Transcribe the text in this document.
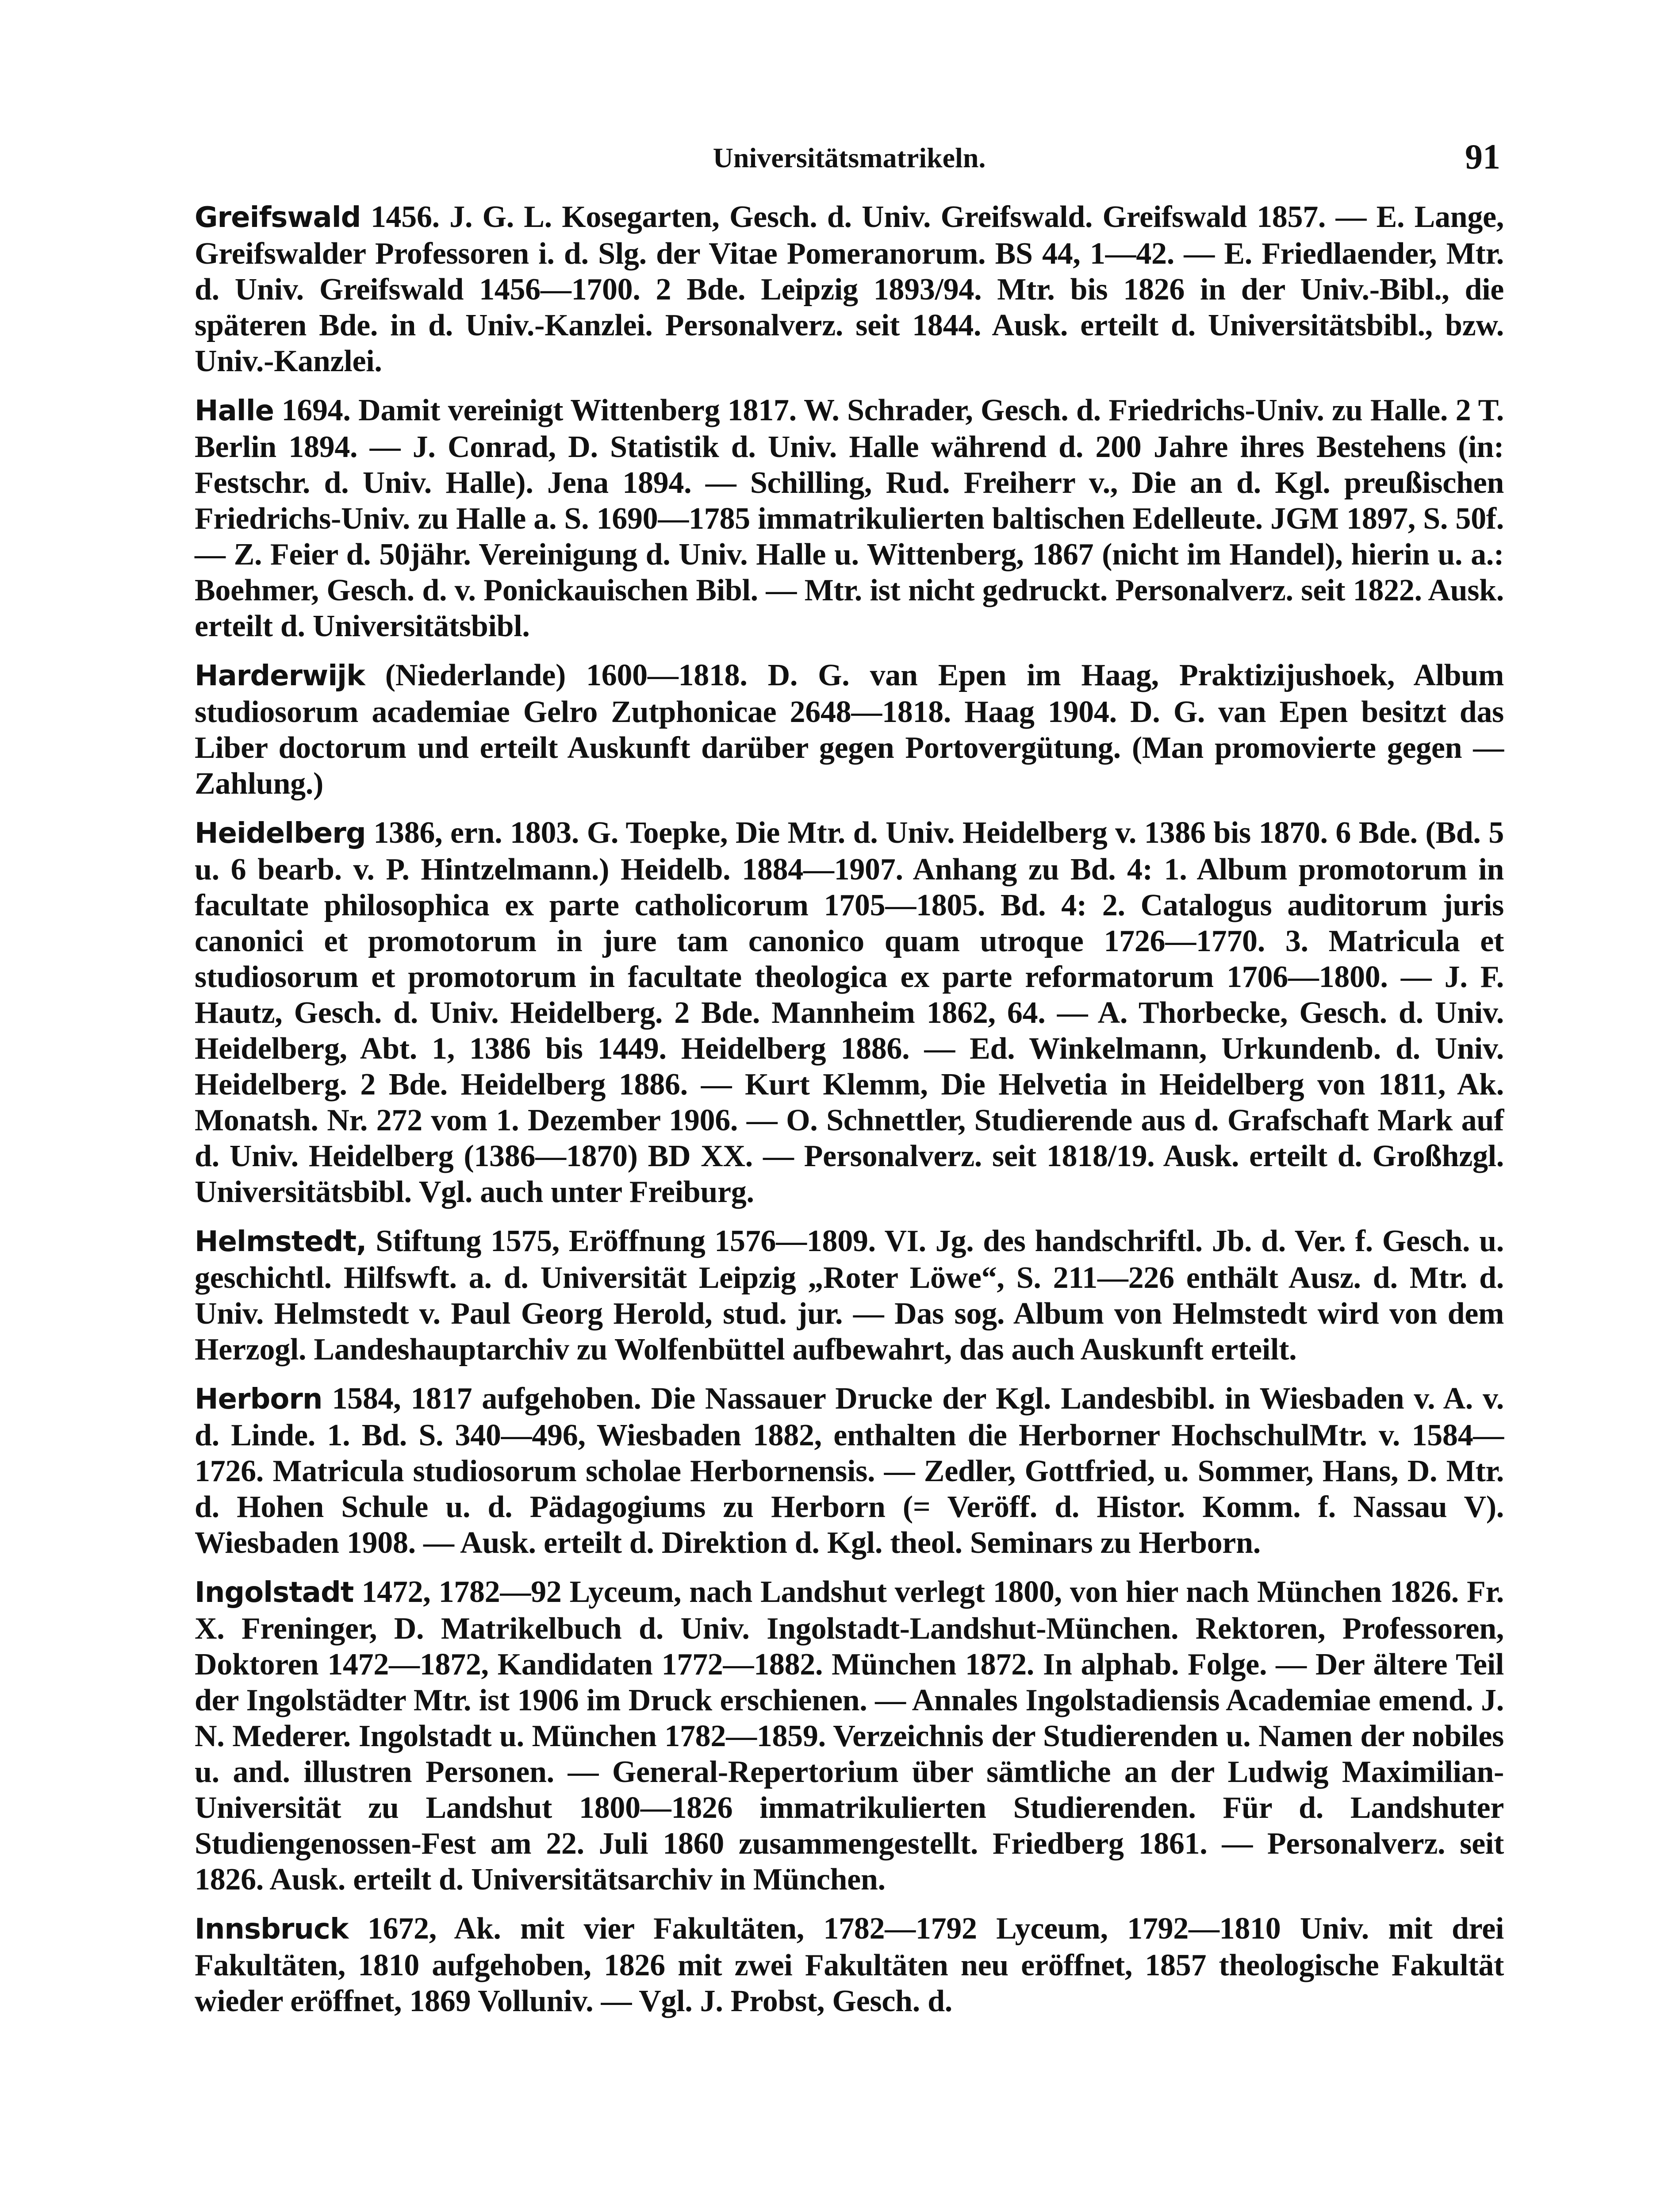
Universitätsmatrikeln.	91

Greifswald 1456. J. G. L. Kosegarten, Gesch. d. Univ. Greifswald. Greifswald 1857. — E. Lange, Greifswalder Professoren i. d. Slg. der Vitae Pomeranorum. BS 44, 1—42. — E. Friedlaender, Mtr. d. Univ. Greifswald 1456—1700. 2 Bde. Leipzig 1893/94. Mtr. bis 1826 in der Univ.-Bibl., die späteren Bde. in d. Univ.-Kanzlei. Personalverz. seit 1844. Ausk. erteilt d. Universitätsbibl., bzw. Univ.-Kanzlei.

Halle 1694. Damit vereinigt Wittenberg 1817. W. Schrader, Gesch. d. Friedrichs-Univ. zu Halle. 2 T. Berlin 1894. — J. Conrad, D. Statistik d. Univ. Halle während d. 200 Jahre ihres Bestehens (in: Festschr. d. Univ. Halle). Jena 1894. — Schilling, Rud. Freiherr v., Die an d. Kgl. preußischen Friedrichs-Univ. zu Halle a. S. 1690—1785 immatrikulierten baltischen Edelleute. JGM 1897, S. 50f. — Z. Feier d. 50jähr. Vereinigung d. Univ. Halle u. Wittenberg, 1867 (nicht im Handel), hierin u. a.: Boehmer, Gesch. d. v. Ponickauischen Bibl. — Mtr. ist nicht gedruckt. Personalverz. seit 1822. Ausk. erteilt d. Universitätsbibl.

Harderwijk (Niederlande) 1600—1818. D. G. van Epen im Haag, Praktizijushoek, Album studiosorum academiae Gelro Zutphonicae 2648—1818. Haag 1904. D. G. van Epen besitzt das Liber doctorum und erteilt Auskunft darüber gegen Portovergütung. (Man promovierte gegen — Zahlung.)

Heidelberg 1386, ern. 1803. G. Toepke, Die Mtr. d. Univ. Heidelberg v. 1386 bis 1870. 6 Bde. (Bd. 5 u. 6 bearb. v. P. Hintzelmann.) Heidelb. 1884—1907. Anhang zu Bd. 4: 1. Album promotorum in facultate philosophica ex parte catholicorum 1705—1805. Bd. 4: 2. Catalogus auditorum juris canonici et promotorum in jure tam canonico quam utroque 1726—1770. 3. Matricula et studiosorum et promotorum in facultate theologica ex parte reformatorum 1706—1800. — J. F. Hautz, Gesch. d. Univ. Heidelberg. 2 Bde. Mannheim 1862, 64. — A. Thorbecke, Gesch. d. Univ. Heidelberg, Abt. 1, 1386 bis 1449. Heidelberg 1886. — Ed. Winkelmann, Urkundenb. d. Univ. Heidelberg. 2 Bde. Heidelberg 1886. — Kurt Klemm, Die Helvetia in Heidelberg von 1811, Ak. Monatsh. Nr. 272 vom 1. Dezember 1906. — O. Schnettler, Studierende aus d. Grafschaft Mark auf d. Univ. Heidelberg (1386—1870) BD XX. — Personalverz. seit 1818/19. Ausk. erteilt d. Großhzgl. Universitätsbibl. Vgl. auch unter Freiburg.

Helmstedt, Stiftung 1575, Eröffnung 1576—1809. VI. Jg. des handschriftl. Jb. d. Ver. f. Gesch. u. geschichtl. Hilfswft. a. d. Universität Leipzig „Roter Löwe“, S. 211—226 enthält Ausz. d. Mtr. d. Univ. Helmstedt v. Paul Georg Herold, stud. jur. — Das sog. Album von Helmstedt wird von dem Herzogl. Landeshauptarchiv zu Wolfenbüttel aufbewahrt, das auch Auskunft erteilt.

Herborn 1584, 1817 aufgehoben. Die Nassauer Drucke der Kgl. Landesbibl. in Wiesbaden v. A. v. d. Linde. 1. Bd. S. 340—496, Wiesbaden 1882, enthalten die Herborner HochschulMtr. v. 1584—1726. Matricula studiosorum scholae Herbornensis. — Zedler, Gottfried, u. Sommer, Hans, D. Mtr. d. Hohen Schule u. d. Pädagogiums zu Herborn (= Veröff. d. Histor. Komm. f. Nassau V). Wiesbaden 1908. — Ausk. erteilt d. Direktion d. Kgl. theol. Seminars zu Herborn.

Ingolstadt 1472, 1782—92 Lyceum, nach Landshut verlegt 1800, von hier nach München 1826. Fr. X. Freninger, D. Matrikelbuch d. Univ. Ingolstadt-Landshut-München. Rektoren, Professoren, Doktoren 1472—1872, Kandidaten 1772—1882. München 1872. In alphab. Folge. — Der ältere Teil der Ingolstädter Mtr. ist 1906 im Druck erschienen. — Annales Ingolstadiensis Academiae emend. J. N. Mederer. Ingolstadt u. München 1782—1859. Verzeichnis der Studierenden u. Namen der nobiles u. and. illustren Personen. — General-Repertorium über sämtliche an der Ludwig Maximilian-Universität zu Landshut 1800—1826 immatrikulierten Studierenden. Für d. Landshuter Studiengenossen-Fest am 22. Juli 1860 zusammengestellt. Friedberg 1861. — Personalverz. seit 1826. Ausk. erteilt d. Universitätsarchiv in München.

Innsbruck 1672, Ak. mit vier Fakultäten, 1782—1792 Lyceum, 1792—1810 Univ. mit drei Fakultäten, 1810 aufgehoben, 1826 mit zwei Fakultäten neu eröffnet, 1857 theologische Fakultät wieder eröffnet, 1869 Volluniv. — Vgl. J. Probst, Gesch. d.
